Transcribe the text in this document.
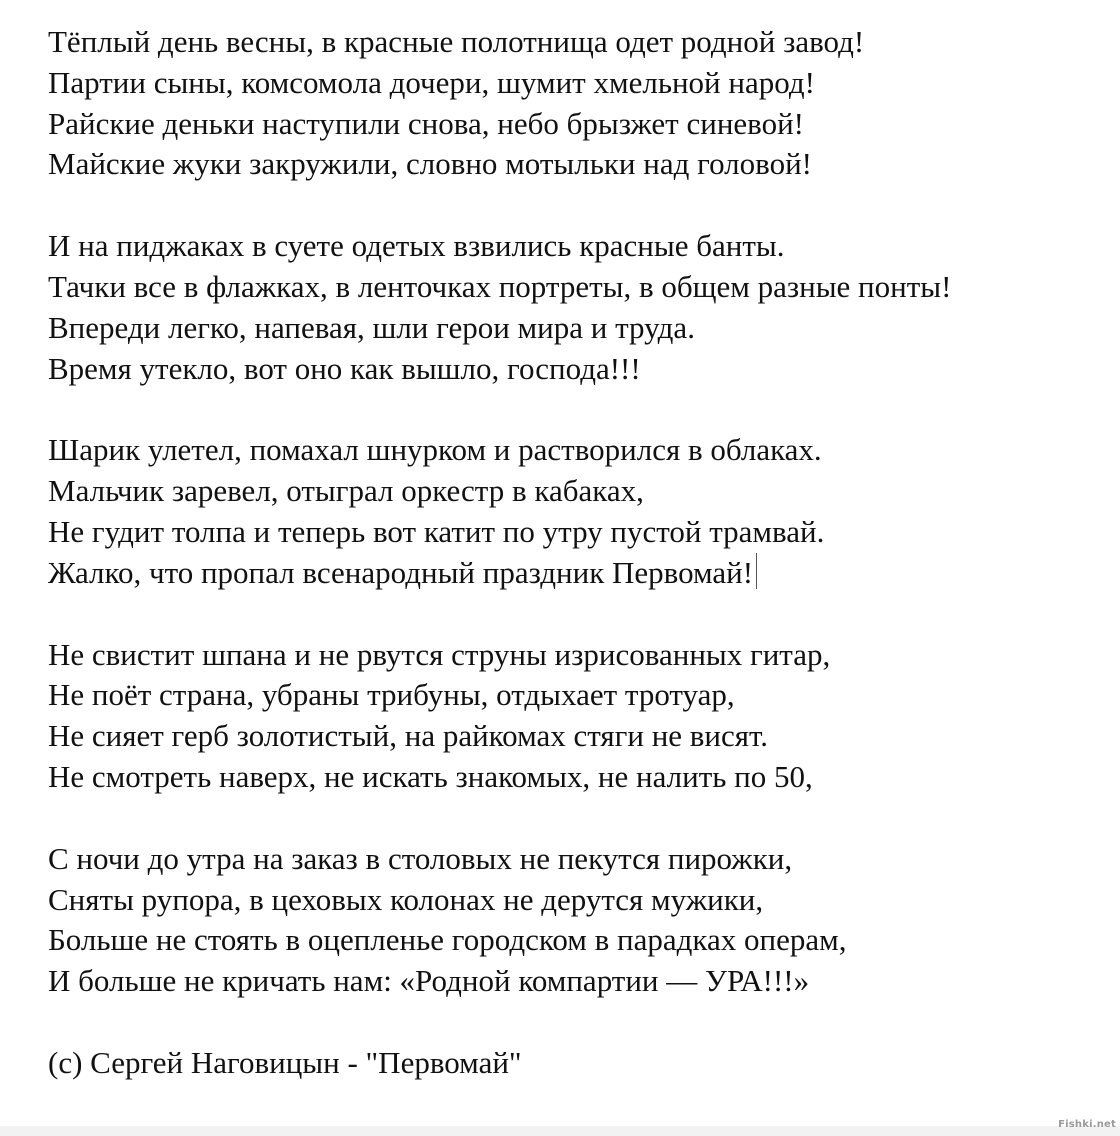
Тёплый день весны, в красные полотнища одет родной завод!
Партии сыны, комсомола дочери, шумит хмельной народ!
Райские деньки наступили снова, небо брызжет синевой!
Майские жуки закружили, словно мотыльки над головой!
И на пиджаках в суете одетых взвились красные банты.
Тачки все в флажках, в ленточках портреты, в общем разные понты!
Впереди легко, напевая, шли герои мира и труда.
Время утекло, вот оно как вышло, господа!!!
Шарик улетел, помахал шнурком и растворился в облаках.
Мальчик заревел, отыграл оркестр в кабаках,
Не гудит толпа и теперь вот катит по утру пустой трамвай.
Жалко, что пропал всенародный праздник Первомай!
Не свистит шпана и не рвутся струны изрисованных гитар,
Не поёт страна, убраны трибуны, отдыхает тротуар,
Не сияет герб золотистый, на райкомах стяги не висят.
Не смотреть наверх, не искать знакомых, не налить по 50,
С ночи до утра на заказ в столовых не пекутся пирожки,
Сняты рупора, в цеховых колонах не дерутся мужики,
Больше не стоять в оцепленье городском в парадках операм,
И больше не кричать нам: «Родной компартии — УРА!!!»
(c) Сергей Наговицын - "Первомай"
Fishki.net
